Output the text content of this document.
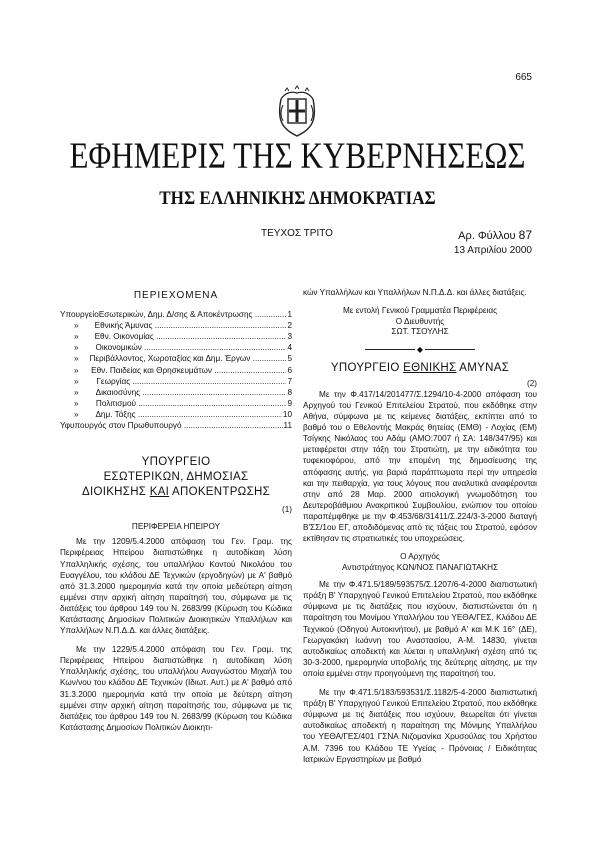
665
ΕΦΗΜΕΡΙΣ ΤΗΣ ΚΥΒΕΡΝΗΣΕΩΣ
ΤΗΣ ΕΛΛΗΝΙΚΗΣ ΔΗΜΟΚΡΑΤΙΑΣ
ΤΕΥΧΟΣ ΤΡΙΤΟ	Αρ. Φύλλου 87
13 Απριλίου 2000
ΠΕΡΙΕΧΟΜΕΝΑ
Υπουργείο Εσωτερικών, Δημ. Δ/σης & Αποκέντρωσης .....	1
»	Εθνικής Άμυνας .....	2
»	Εθν. Οικονομίας .....	3
»	Οικονομικών .....	4
»	Περιβάλλοντος, Χωροταξίας και Δημ. Έργων .....	5
»	Εθν. Παιδείας και Θρησκευμάτων .....	6
»	Γεωργίας .....	7
»	Δικαιοσύνης .....	8
»	Πολιτισμού .....	9
»	Δημ. Τάξης .....	10
Υφυπουργός στον Πρωθυπουργό .....	11
ΥΠΟΥΡΓΕΙΟ
ΕΣΩΤΕΡΙΚΩΝ, ΔΗΜΟΣΙΑΣ
ΔΙΟΙΚΗΣΗΣ ΚΑΙ ΑΠΟΚΕΝΤΡΩΣΗΣ
(1)
ΠΕΡΙΦΕΡΕΙΑ ΗΠΕΙΡΟΥ

Με την 1209/5.4.2000 απόφαση του Γεν. Γραμ. της Περιφέρειας Ηπείρου διαπιστώθηκε η αυτοδίκαιη λύση Υπαλληλικής σχέσης, του υπαλλήλου Κοντού Νικολάου του Ευαγγέλου, του κλάδου ΔΕ Τεχνικών (εργοδηγών) με Α' βαθμό από 31.3.2000 ημερομηνία κατά την οποία μεδεύτερη αίτηση εμμένει στην αρχική αίτηση παραίτησή του, σύμφωνα με τις διατάξεις του άρθρου 149 του Ν. 2683/99 (Κύρωση του Κώδικα Κατάστασης Δημοσίων Πολιτικών Διοικητικών Υπαλλήλων και Υπαλλήλων Ν.Π.Δ.Δ. και άλλες διατάξεις.

Με την 1229/5.4.2000 απόφαση του Γεν. Γραμ. της Περιφέρειας Ηπείρου διαπιστώθηκε η αυτοδίκαιη λύση Υπαλληλικής σχέσης, του υπαλλήλου Αναγνώστου Μιχαήλ του Κων/νου του κλάδου ΔΕ Τεχνικών (Ιδιωτ. Αυτ.) με Α' βαθμό από 31.3.2000 ημερομηνία κατά την οποία με δεύτερη αίτηση εμμένει στην αρχική αίτηση παραίτησής του, σύμφωνα με τις διατάξεις του άρθρου 149 του Ν. 2683/99 (Κύρωση του Κώδικα Κατάστασης Δημοσίων Πολιτικών Διοικητι-

κών Υπαλλήλων και Υπαλλήλων Ν.Π.Δ.Δ. και άλλες διατάξεις.

Με εντολή Γενικού Γραμματέα Περιφέρειας
Ο Διευθυντής
ΣΩΤ. ΤΣΟΥΛΗΣ
◆
ΥΠΟΥΡΓΕΙΟ ΕΘΝΙΚΗΣ ΑΜΥΝΑΣ
(2)

Με την Φ.417/14/201477/Σ.1294/10-4-2000 απόφαση του Αρχηγού του Γενικού Επιτελείου Στρατού, που εκδόθηκε στην Αθήνα, σύμφωνα με τις κείμενες διατάξεις, εκπίπτει από το βαθμό του ο Εθελοντής Μακράς θητείας (ΕΜΘ) - Λοχίας (ΕΜ) Τσίγκης Νικόλαος του Αδάμ (ΑΜΟ:7007 ή ΣΑ: 148/347/95) και μεταφέρεται στην τάξη του Στρατιώτη, με την ειδικότητα του τυφεκιοφόρου, από την επομένη της δημοσίευσης της απόφασης αυτής, για βαριά παράπτωματα περί την υπηρεσία και την πειθαρχία, για τους λόγους που αναλυτικά αναφέρονται στην από 28 Μαρ. 2000 αιτιολογική γνωμοδότηση του Δευτεροβάθμιου Ανακριτικού Συμβουλίου, ενώπιον του οποίου παραπέμφθηκε με την Φ.453/68/31411/Σ.224/3-3-2000 διαταγή Β'ΣΣ/1ου ΕΓ, αποδιδόμενας από τις τάξεις του Στρατού, εφόσον εκτίθησαν τις στρατιωτικές του υποχρεώσεις.

Ο Αρχηγός
Αντιστράτηγος ΚΩΝ/ΝΟΣ ΠΑΝΑΓΙΩΤΑΚΗΣ

Με την Φ.471.5/189/593575/Σ.1207/6-4-2000 διαπιστωτική πράξη Β' Υπαρχηγού Γενικού Επιτελείου Στρατού, που εκδόθηκε σύμφωνα με τις διατάξεις που ισχύουν, διαπιστώνεται ότι η παραίτηση του Μονίμου Υπαλλήλου του ΥΕΘΑ/ΓΕΣ, Κλάδου ΔΕ Τεχνικού (Οδηγού Αυτοκινήτου), με βαθμό Α' και Μ.Κ 16° (ΔΕ), Γεωργακάκη Ιωάννη του Αναστασίου, Α-Μ. 14830, γίνεται αυτοδικαίως αποδεκτή και λύεται η υπαλληλική σχέση από τις 30-3-2000, ημερομηνία υποβολής της δεύτερης αίτησης, με την οποία εμμένει στην προηγούμενη της παραίτησή του.

Με την Φ.471.5/183/593531/Σ.1182/5-4-2000 διαπιστωτική πράξη Β' Υπαρχηγού Γενικού Επιτελείου Στρατού, που εκδόθηκε σύμφωνα με τις διατάξεις που ισχύουν, θεωρείται ότι γίνεται αυτοδικαίως αποδεκτή η παραίτηση της Μόνιμης Υπαλλήλου του ΥΕΘΑ/ΓΕΣ/401 ΓΣΝΑ Νιζομανίκα Χρυσούλας του Χρήστου Α.Μ. 7396 του Κλάδου ΤΕ Υγείας - Πρόνοιας / Ειδικότητας Ιατρικών Εργαστηρίων με βαθμό
